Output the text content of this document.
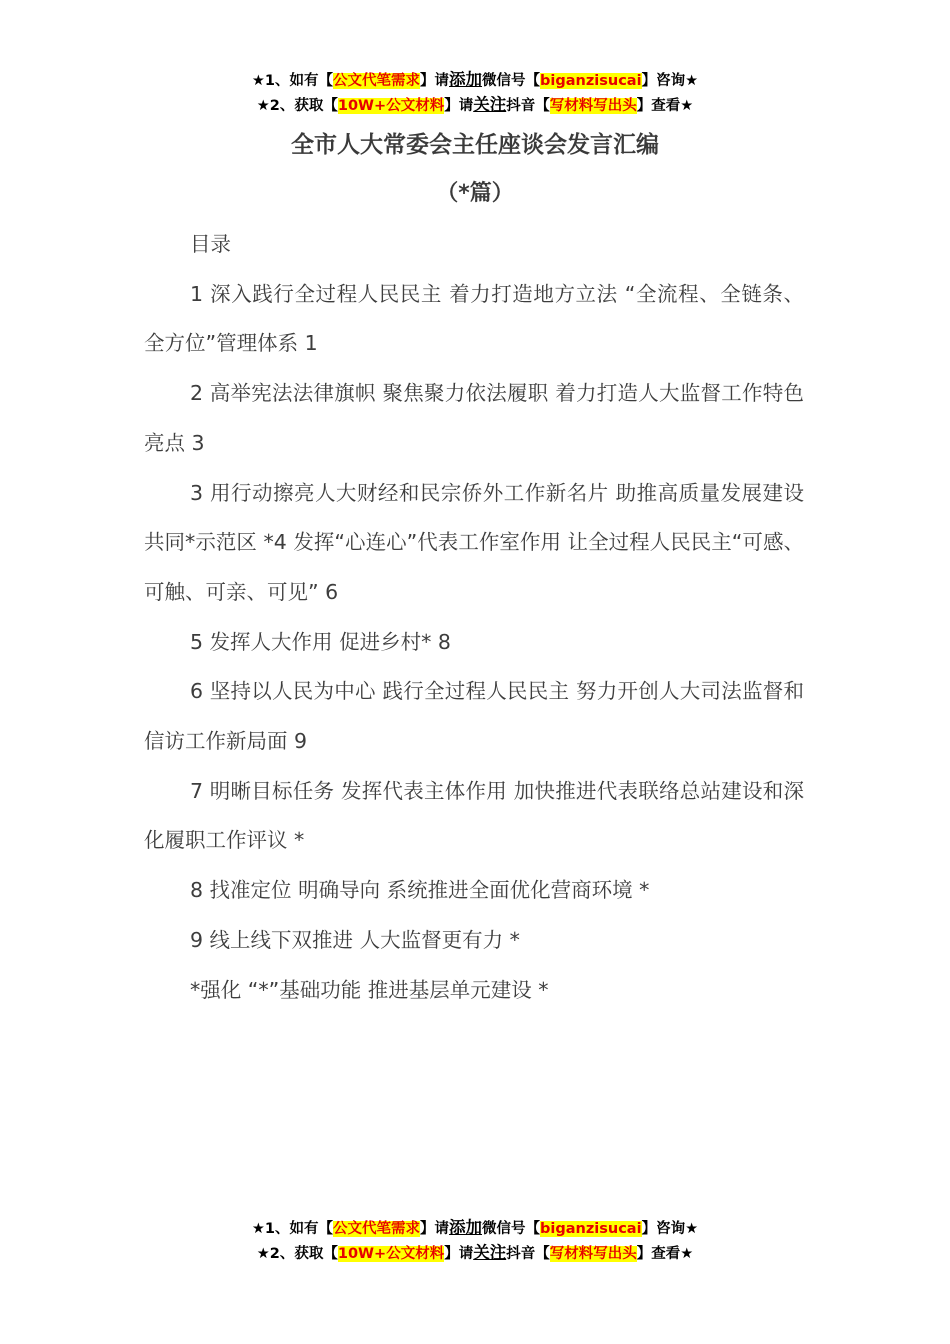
★1、如有【公文代笔需求】请添加微信号【biganzisucai】咨询★
★2、获取【10W+公文材料】请关注抖音【写材料写出头】查看★
全市人大常委会主任座谈会发言汇编
（*篇）

目录

1 深入践行全过程人民民主 着力打造地方立法 “全流程、全链条、全方位”管理体系 1

2 高举宪法法律旗帜 聚焦聚力依法履职 着力打造人大监督工作特色亮点 3

3 用行动擦亮人大财经和民宗侨外工作新名片 助推高质量发展建设共同*示范区 *4 发挥“心连心”代表工作室作用 让全过程人民民主“可感、可触、可亲、可见” 6

5 发挥人大作用 促进乡村* 8

6 坚持以人民为中心 践行全过程人民民主 努力开创人大司法监督和信访工作新局面 9

7 明晰目标任务 发挥代表主体作用 加快推进代表联络总站建设和深化履职工作评议 *

8 找准定位 明确导向 系统推进全面优化营商环境 *

9 线上线下双推进 人大监督更有力 *

*强化 “*”基础功能 推进基层单元建设 *

★1、如有【公文代笔需求】请添加微信号【biganzisucai】咨询★
★2、获取【10W+公文材料】请关注抖音【写材料写出头】查看★
